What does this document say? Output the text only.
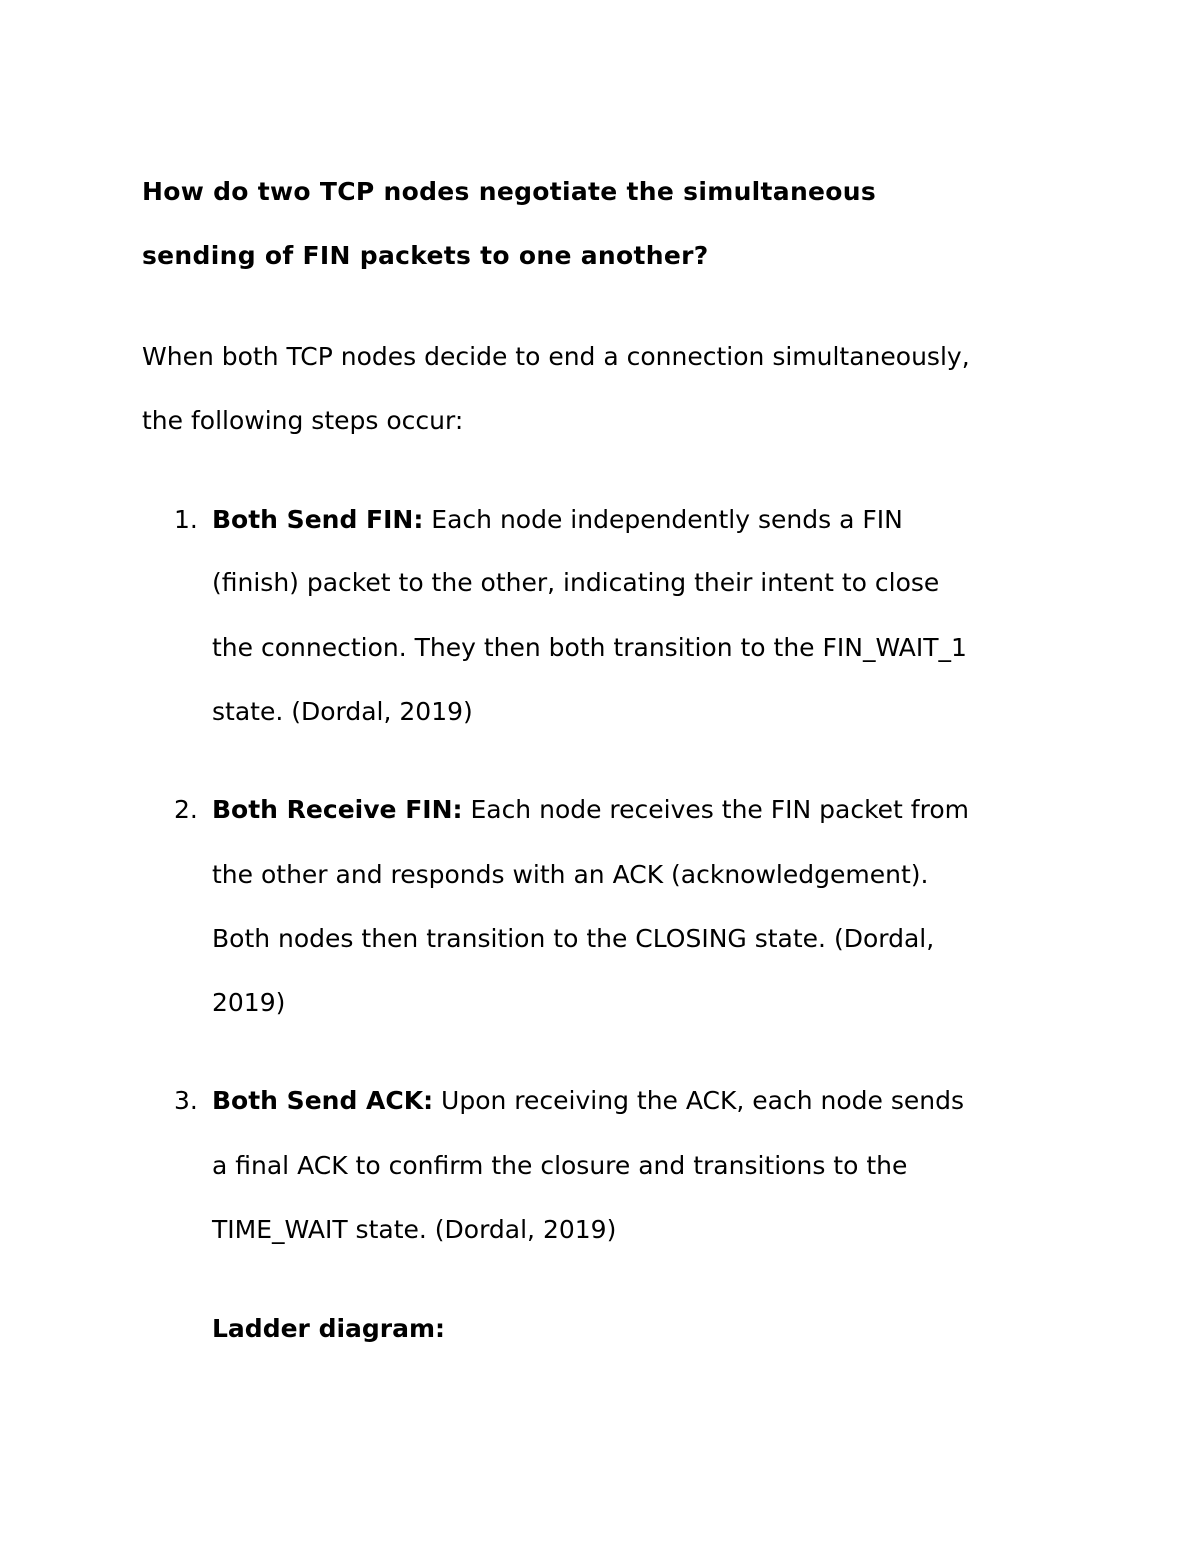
How do two TCP nodes negotiate the simultaneous
sending of FIN packets to one another?
When both TCP nodes decide to end a connection simultaneously,
the following steps occur:
1. Both Send FIN: Each node independently sends a FIN
(finish) packet to the other, indicating their intent to close
the connection. They then both transition to the FIN_WAIT_1
state. (Dordal, 2019)
2. Both Receive FIN: Each node receives the FIN packet from
the other and responds with an ACK (acknowledgement).
Both nodes then transition to the CLOSING state. (Dordal,
2019)
3. Both Send ACK: Upon receiving the ACK, each node sends
a final ACK to confirm the closure and transitions to the
TIME_WAIT state. (Dordal, 2019)
Ladder diagram:
